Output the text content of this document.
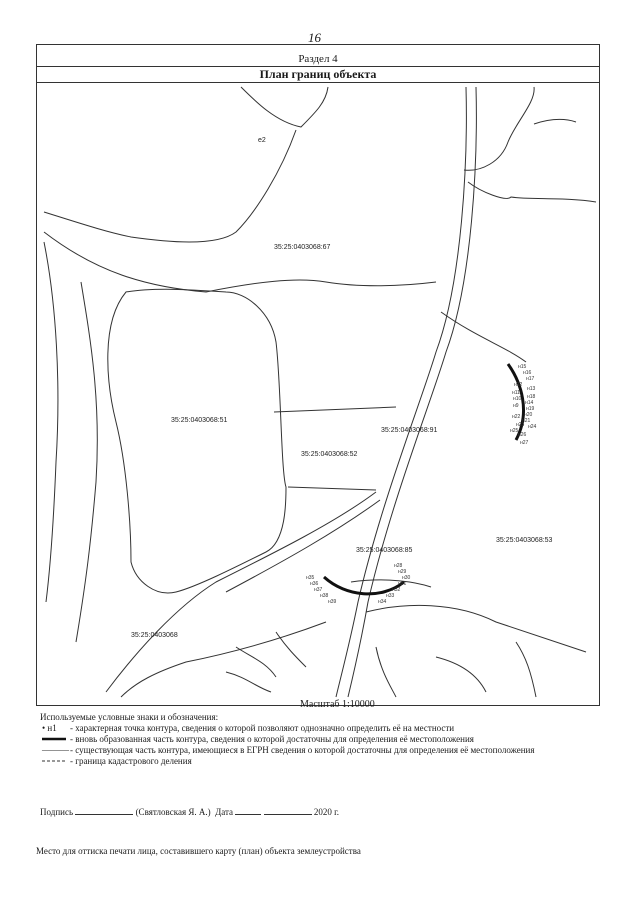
16
Раздел 4
План границ объекта
35:25:0403068:67
35:25:0403068:51
35:25:0403068:91
35:25:0403068:52
35:25:0403068:53
35:25:0403068:85
35:25:0403068
е2
н15
н16
н17
н12
н13
н11
н10 н18
н14
н9 н19
н20
н21
н22
н23 н24
н25
н26
н27
н28
н29
н30
н31
н32
н33
н34
н35
н36
н37
н38
н39
Масштаб 1:10000
Используемые условные знаки и обозначения:
• н1	- характерная точка контура, сведения о которой позволяют однозначно определить её на местности
- вновь образованная часть контура, сведения о которой достаточны для определения её местоположения
——— - существующая часть контура, имеющиеся в ЕГРН сведения о которой достаточны для определения её местоположения
- граница кадастрового деления
Подпись	(Святловская Я. А.) Дата	2020 г.
Место для оттиска печати лица, составившего карту (план) объекта землеустройства
